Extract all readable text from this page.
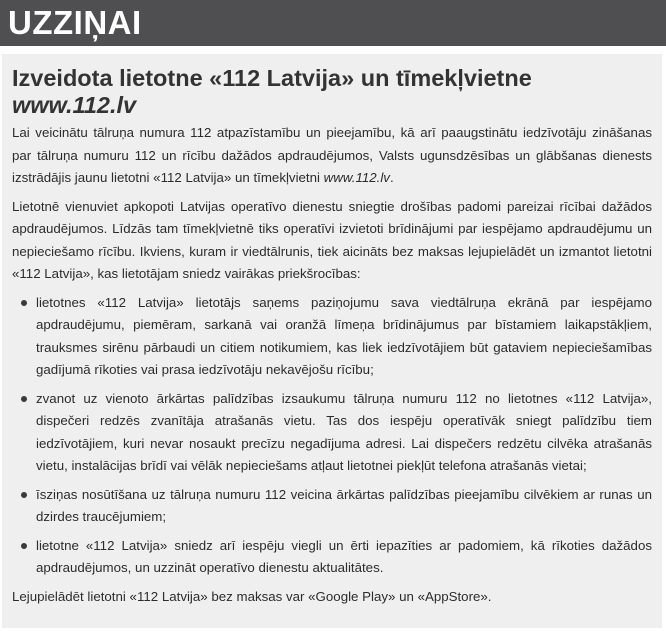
UZZIŅAI
Izveidota lietotne «112 Latvija» un tīmekļvietne
www.112.lv

Lai veicinātu tālruņa numura 112 atpazīstamību un pieejamību, kā arī paaugstinātu iedzīvotāju zināšanas par tālruņa numuru 112 un rīcību dažādos apdraudējumos, Valsts ugunsdzēsības un glābšanas dienests izstrādājis jaunu lietotni «112 Latvija» un tīmekļvietni www.112.lv.

Lietotnē vienuviet apkopoti Latvijas operatīvo dienestu sniegtie drošības padomi pareizai rīcībai dažādos apdraudējumos. Līdzās tam tīmekļvietnē tiks operatīvi izvietoti brīdinājumi par iespējamo apdraudējumu un nepieciešamo rīcību. Ikviens, kuram ir viedtālrunis, tiek aicināts bez maksas lejupielādēt un izmantot lietotni «112 Latvija», kas lietotājam sniedz vairākas priekšrocības:

lietotnes «112 Latvija» lietotājs saņems paziņojumu sava viedtālruņa ekrānā par iespējamo apdraudējumu, piemēram, sarkanā vai oranžā līmeņa brīdinājumus par bīstamiem laikapstākļiem, trauksmes sirēnu pārbaudi un citiem notikumiem, kas liek iedzīvotājiem būt gataviem nepieciešamības gadījumā rīkoties vai prasa iedzīvotāju nekavējošu rīcību;
zvanot uz vienoto ārkārtas palīdzības izsaukumu tālruņa numuru 112 no lietotnes «112 Latvija», dispečeri redzēs zvanītāja atrašanās vietu. Tas dos iespēju operatīvāk sniegt palīdzību tiem iedzīvotājiem, kuri nevar nosaukt precīzu negadījuma adresi. Lai dispečers redzētu cilvēka atrašanās vietu, instalācijas brīdī vai vēlāk nepieciešams atļaut lietotnei piekļūt telefona atrašanās vietai;
īsziņas nosūtīšana uz tālruņa numuru 112 veicina ārkārtas palīdzības pieejamību cilvēkiem ar runas un dzirdes traucējumiem;
lietotne «112 Latvija» sniedz arī iespēju viegli un ērti iepazīties ar padomiem, kā rīkoties dažādos apdraudējumos, un uzzināt operatīvo dienestu aktualitātes.

Lejupielādēt lietotni «112 Latvija» bez maksas var «Google Play» un «AppStore».
